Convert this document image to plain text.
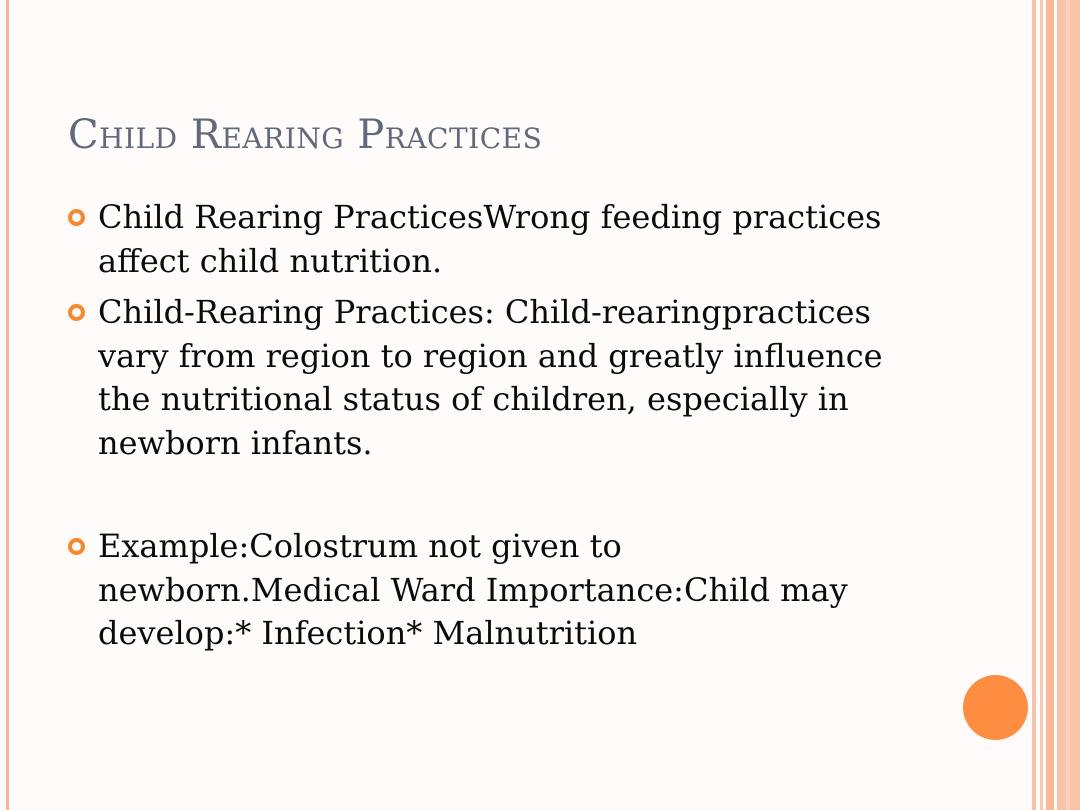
Child Rearing Practices
Child Rearing PracticesWrong feeding practices affect child nutrition.
Child-Rearing Practices: Child-rearingpractices vary from region to region and greatly influence the nutritional status of children, especially in newborn infants.
Example:Colostrum not given to newborn.Medical Ward Importance:Child may develop:* Infection* Malnutrition
